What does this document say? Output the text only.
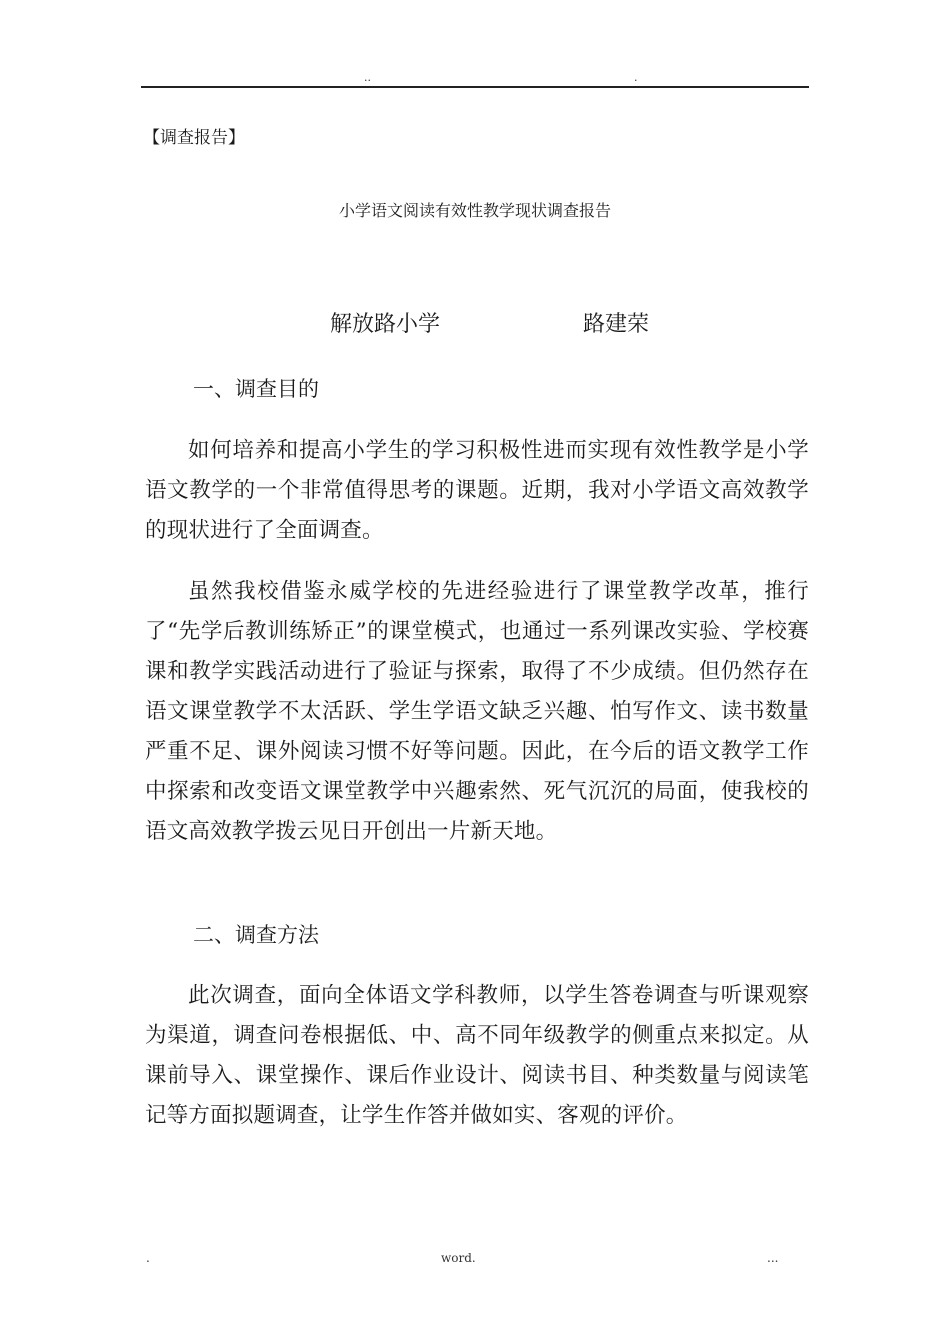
..	.
【调查报告】
小学语文阅读有效性教学现状调查报告
解放路小学	路建荣
一、调查目的

如何培养和提高小学生的学习积极性进而实现有效性教学是小学语文教学的一个非常值得思考的课题。近期，我对小学语文高效教学的现状进行了全面调查。

虽然我校借鉴永威学校的先进经验进行了课堂教学改革，推行了“先学后教训练矫正”的课堂模式，也通过一系列课改实验、学校赛课和教学实践活动进行了验证与探索，取得了不少成绩。但仍然存在语文课堂教学不太活跃、学生学语文缺乏兴趣、怕写作文、读书数量严重不足、课外阅读习惯不好等问题。因此，在今后的语文教学工作中探索和改变语文课堂教学中兴趣索然、死气沉沉的局面，使我校的语文高效教学拨云见日开创出一片新天地。

二、调查方法

此次调查，面向全体语文学科教师，以学生答卷调查与听课观察为渠道，调查问卷根据低、中、高不同年级教学的侧重点来拟定。从课前导入、课堂操作、课后作业设计、阅读书目、种类数量与阅读笔记等方面拟题调查，让学生作答并做如实、客观的评价。

.	word.	...
